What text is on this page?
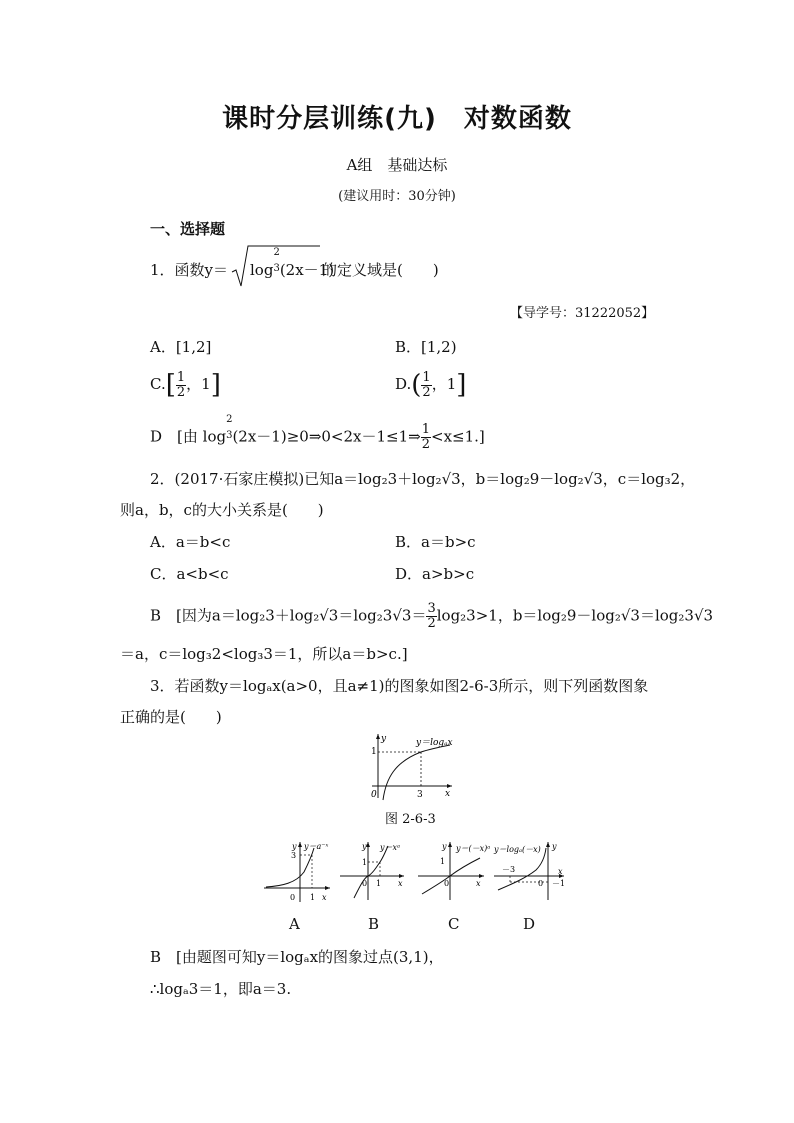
课时分层训练(九)　对数函数
A组　基础达标
(建议用时：30分钟)
一、选择题
1．函数y＝ log
2
3 (2x－1)
的定义域是(　　)
【导学号：31222052】
A．[1,2]	B．[1,2)
$C.[ \frac{1}{2}$ ，1]	$D.( \frac{1}{2}$ ，1]
D　[由 log
2
3 (2x－1)≥0⇒0<2x－1≤1⇒ $\frac{1}{2} <x\le 1$.]
2．(2017·石家庄模拟)已知a＝log₂3＋log₂√3，b＝log₂9－log₂√3，c＝log₃2，
则a，b，c的大小关系是(　　)
A．a＝b<c	B．a＝b>c
C．a<b<c	D．a>b>c
B　[因为$a=\log_23+\log_2√3=\log_23√3= \frac{3}{2} \log_23>1$，b＝log₂9－log₂√3＝log₂3√3
＝a，c＝log₃2<log₃3＝1，所以a＝b>c.]
3．若函数y＝logₐx(a>0，且a≠1)的图象如图2-6-3所示，则下列函数图象
正确的是(　　)
y
x
0
1
3
y＝logₐx
图 2-6-3
y
x
0 1
3
y＝a⁻ˣ	y
x
0 1
1
y＝xᵃ	y
x
0
1
y＝(－x)ᵃ	y
x
0 －1
－3
y＝logₐ(－x)
A	B	C	D
B　[由题图可知y＝logₐx的图象过点(3,1)，
∴logₐ3＝1，即a＝3.
